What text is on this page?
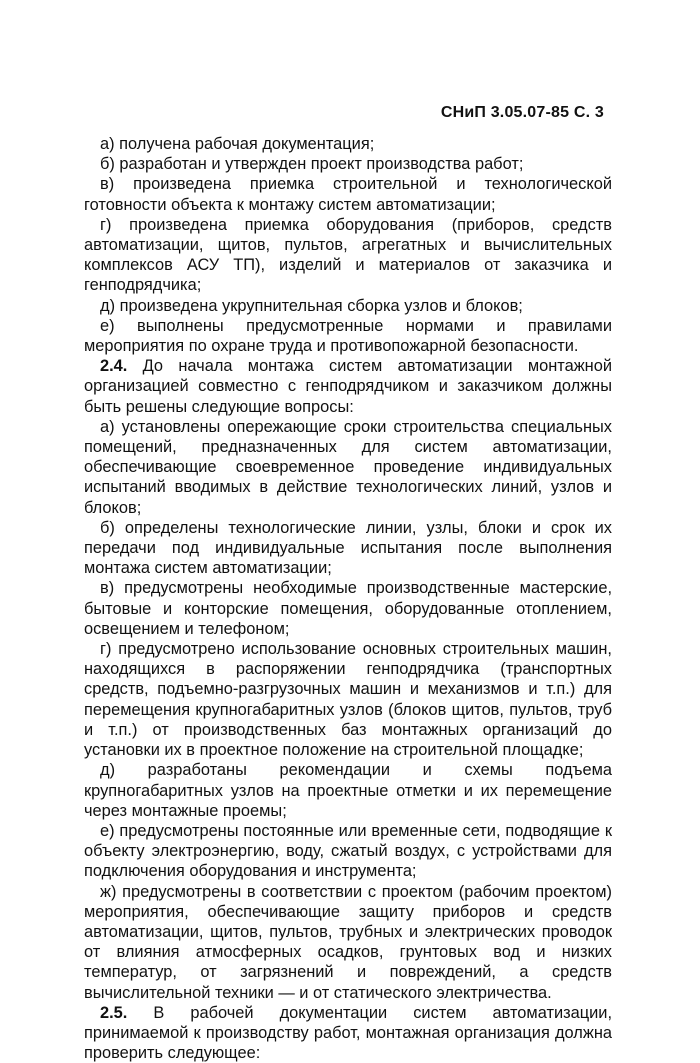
СНиП 3.05.07-85 С. 3

а) получена рабочая документация;

б) разработан и утвержден проект производства работ;

в) произведена приемка строительной и технологической готовности объекта к монтажу систем автоматизации;

г) произведена приемка оборудования (приборов, средств автоматизации, щитов, пультов, агрегатных и вычислительных комплексов АСУ ТП), изделий и материалов от заказчика и генподрядчика;

д) произведена укрупнительная сборка узлов и блоков;

е) выполнены предусмотренные нормами и правилами мероприятия по охране труда и противопожарной безопасности.

2.4. До начала монтажа систем автоматизации монтажной организацией совместно с генподрядчиком и заказчиком должны быть решены следующие вопросы:

а) установлены опережающие сроки строительства специальных помещений, предназначенных для систем автоматизации, обеспечивающие своевременное проведение индивидуальных испытаний вводимых в действие технологических линий, узлов и блоков;

б) определены технологические линии, узлы, блоки и срок их передачи под индивидуальные испытания после выполнения монтажа систем автоматизации;

в) предусмотрены необходимые производственные мастерские, бытовые и конторские помещения, оборудованные отоплением, освещением и телефоном;

г) предусмотрено использование основных строительных машин, находящихся в распоряжении генподрядчика (транспортных средств, подъемно-разгрузочных машин и механизмов и т.п.) для перемещения крупногабаритных узлов (блоков щитов, пультов, труб и т.п.) от производственных баз монтажных организаций до установки их в проектное положение на строительной площадке;

д) разработаны рекомендации и схемы подъема крупногабаритных узлов на проектные отметки и их перемещение через монтажные проемы;

е) предусмотрены постоянные или временные сети, подводящие к объекту электроэнергию, воду, сжатый воздух, с устройствами для подключения оборудования и инструмента;

ж) предусмотрены в соответствии с проектом (рабочим проектом) мероприятия, обеспечивающие защиту приборов и средств автоматизации, щитов, пультов, трубных и электрических проводок от влияния атмосферных осадков, грунтовых вод и низких температур, от загрязнений и повреждений, а средств вычислительной техники — и от статического электричества.

2.5. В рабочей документации систем автоматизации, принимаемой к производству работ, монтажная организация должна проверить следующее:
